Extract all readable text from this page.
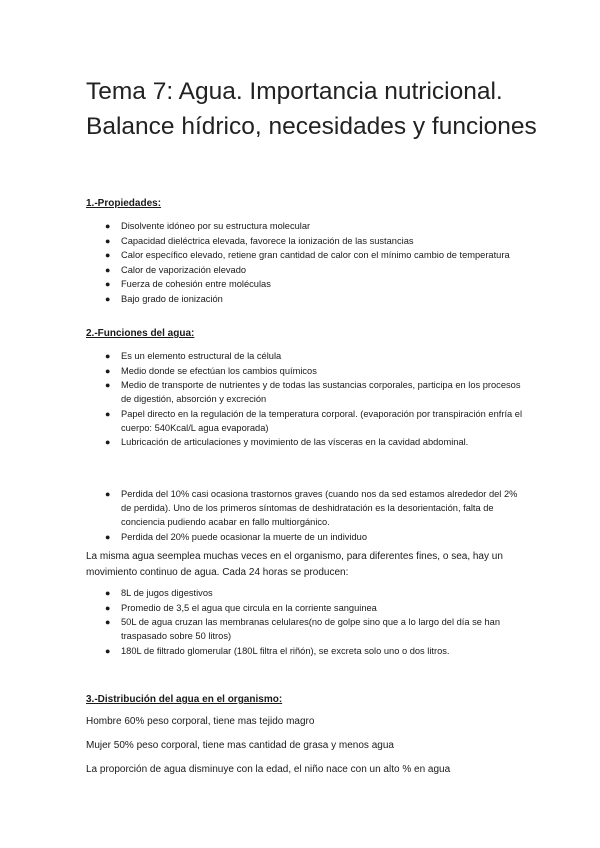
Tema 7: Agua. Importancia nutricional. Balance hídrico, necesidades y funciones
1.-Propiedades:
● Disolvente idóneo por su estructura molecular
● Capacidad dieléctrica elevada, favorece la ionización de las sustancias
● Calor específico elevado, retiene gran cantidad de calor con el mínimo cambio de temperatura
● Calor de vaporización elevado
● Fuerza de cohesión entre moléculas
● Bajo grado de ionización
2.-Funciones del agua:
● Es un elemento estructural de la célula
● Medio donde se efectúan los cambios químicos
● Medio de transporte de nutrientes y de todas las sustancias corporales, participa en los procesos de digestión, absorción y excreción
● Papel directo en la regulación de la temperatura corporal. (evaporación por transpiración enfría el cuerpo: 540Kcal/L agua evaporada)
● Lubricación de articulaciones y movimiento de las vísceras en la cavidad abdominal.
● Perdida del 10% casi ocasiona trastornos graves (cuando nos da sed estamos alrededor del 2% de perdida). Uno de los primeros síntomas de deshidratación es la desorientación, falta de conciencia pudiendo acabar en fallo multiorgánico.
● Perdida del 20% puede ocasionar la muerte de un individuo

La misma agua seemplea muchas veces en el organismo, para diferentes fines, o sea, hay un movimiento continuo de agua. Cada 24 horas se producen:

● 8L de jugos digestivos
● Promedio de 3,5 el agua que circula en la corriente sanguinea
● 50L de agua cruzan las membranas celulares(no de golpe sino que a lo largo del día se han traspasado sobre 50 litros)
● 180L de filtrado glomerular (180L filtra el riñón), se excreta solo uno o dos litros.
3.-Distribución del agua en el organismo:

Hombre 60% peso corporal, tiene mas tejido magro

Mujer 50% peso corporal, tiene mas cantidad de grasa y menos agua

La proporción de agua disminuye con la edad, el niño nace con un alto % en agua
